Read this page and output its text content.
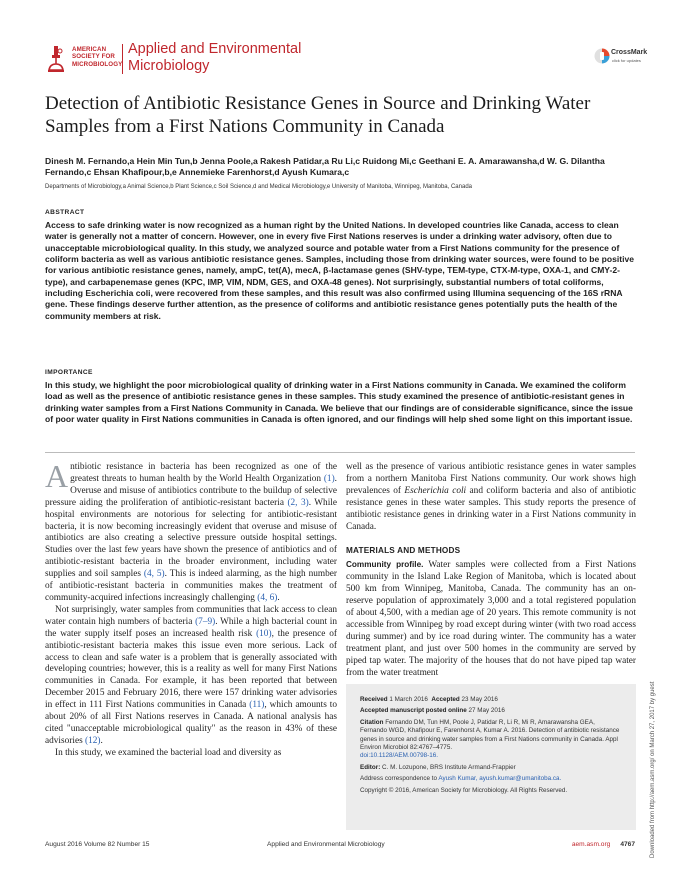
AMERICAN
SOCIETY FOR
MICROBIOLOGY
Applied and Environmental
Microbiology
CrossMark
click for updates
Detection of Antibiotic Resistance Genes in Source and Drinking Water Samples from a First Nations Community in Canada
Dinesh M. Fernando,a Hein Min Tun,b Jenna Poole,a Rakesh Patidar,a Ru Li,c Ruidong Mi,c Geethani E. A. Amarawansha,d W. G. Dilantha Fernando,c Ehsan Khafipour,b,e Annemieke Farenhorst,d Ayush Kumara,c
Departments of Microbiology,a Animal Science,b Plant Science,c Soil Science,d and Medical Microbiology,e University of Manitoba, Winnipeg, Manitoba, Canada
ABSTRACT
Access to safe drinking water is now recognized as a human right by the United Nations. In developed countries like Canada, access to clean water is generally not a matter of concern. However, one in every five First Nations reserves is under a drinking water advisory, often due to unacceptable microbiological quality. In this study, we analyzed source and potable water from a First Nations community for the presence of coliform bacteria as well as various antibiotic resistance genes. Samples, including those from drinking water sources, were found to be positive for various antibiotic resistance genes, namely, ampC, tet(A), mecA, β-lactamase genes (SHV-type, TEM-type, CTX-M-type, OXA-1, and CMY-2-type), and carbapenemase genes (KPC, IMP, VIM, NDM, GES, and OXA-48 genes). Not surprisingly, substantial numbers of total coliforms, including Escherichia coli, were recovered from these samples, and this result was also confirmed using Illumina sequencing of the 16S rRNA gene. These findings deserve further attention, as the presence of coliforms and antibiotic resistance genes potentially puts the health of the community members at risk.
IMPORTANCE
In this study, we highlight the poor microbiological quality of drinking water in a First Nations community in Canada. We examined the coliform load as well as the presence of antibiotic resistance genes in these samples. This study examined the presence of antibiotic-resistant genes in drinking water samples from a First Nations Community in Canada. We believe that our findings are of considerable significance, since the issue of poor water quality in First Nations communities in Canada is often ignored, and our findings will help shed some light on this important issue.

Antibiotic resistance in bacteria has been recognized as one of the greatest threats to human health by the World Health Organization (1). Overuse and misuse of antibiotics contribute to the buildup of selective pressure aiding the proliferation of antibiotic-resistant bacteria (2, 3). While hospital environments are notorious for selecting for antibiotic-resistant bacteria, it is now becoming increasingly evident that overuse and misuse of antibiotics are also creating a selective pressure outside hospital settings. Studies over the last few years have shown the presence of antibiotics and of antibiotic-resistant bacteria in the broader environment, including water supplies and soil samples (4, 5). This is indeed alarming, as the high number of antibiotic-resistant bacteria in communities makes the treatment of community-acquired infections increasingly challenging (4, 6).

Not surprisingly, water samples from communities that lack access to clean water contain high numbers of bacteria (7–9). While a high bacterial count in the water supply itself poses an increased health risk (10), the presence of antibiotic-resistant bacteria makes this issue even more serious. Lack of access to clean and safe water is a problem that is generally associated with developing countries; however, this is a reality as well for many First Nations communities in Canada. For example, it has been reported that between December 2015 and February 2016, there were 157 drinking water advisories in effect in 111 First Nations communities in Canada (11), which amounts to about 20% of all First Nations reserves in Canada. A national analysis has cited "unacceptable microbiological quality" as the reason in 43% of these advisories (12).

In this study, we examined the bacterial load and diversity as

well as the presence of various antibiotic resistance genes in water samples from a northern Manitoba First Nations community. Our work shows high prevalences of Escherichia coli and coliform bacteria and also of antibiotic resistance genes in these water samples. This study reports the presence of antibiotic resistance genes in drinking water in a First Nations community in Canada.

MATERIALS AND METHODS

Community profile. Water samples were collected from a First Nations community in the Island Lake Region of Manitoba, which is located about 500 km from Winnipeg, Manitoba, Canada. The community has an on-reserve population of approximately 3,000 and a total registered population of about 4,500, with a median age of 20 years. This remote community is not accessible from Winnipeg by road except during winter (with two road access during summer) and by ice road during winter. The community has a water treatment plant, and just over 500 homes in the community are served by piped tap water. The majority of the houses that do not have piped tap water from the water treatment

Received 1 March 2016 Accepted 23 May 2016
Accepted manuscript posted online 27 May 2016
Citation Fernando DM, Tun HM, Poole J, Patidar R, Li R, Mi R, Amarawansha GEA, Fernando WGD, Khafipour E, Farenhorst A, Kumar A. 2016. Detection of antibiotic resistance genes in source and drinking water samples from a First Nations community in Canada. Appl Environ Microbiol 82:4767–4775.
doi:10.1128/AEM.00798-16.
Editor: C. M. Lozupone, BRS Institute Armand-Frappier
Address correspondence to Ayush Kumar, ayush.kumar@umanitoba.ca.
Copyright © 2016, American Society for Microbiology. All Rights Reserved.	Downloaded from http://aem.asm.org/ on March 27, 2017 by guest
August 2016 Volume 82 Number 15	Applied and Environmental Microbiology	aem.asm.org 4767
